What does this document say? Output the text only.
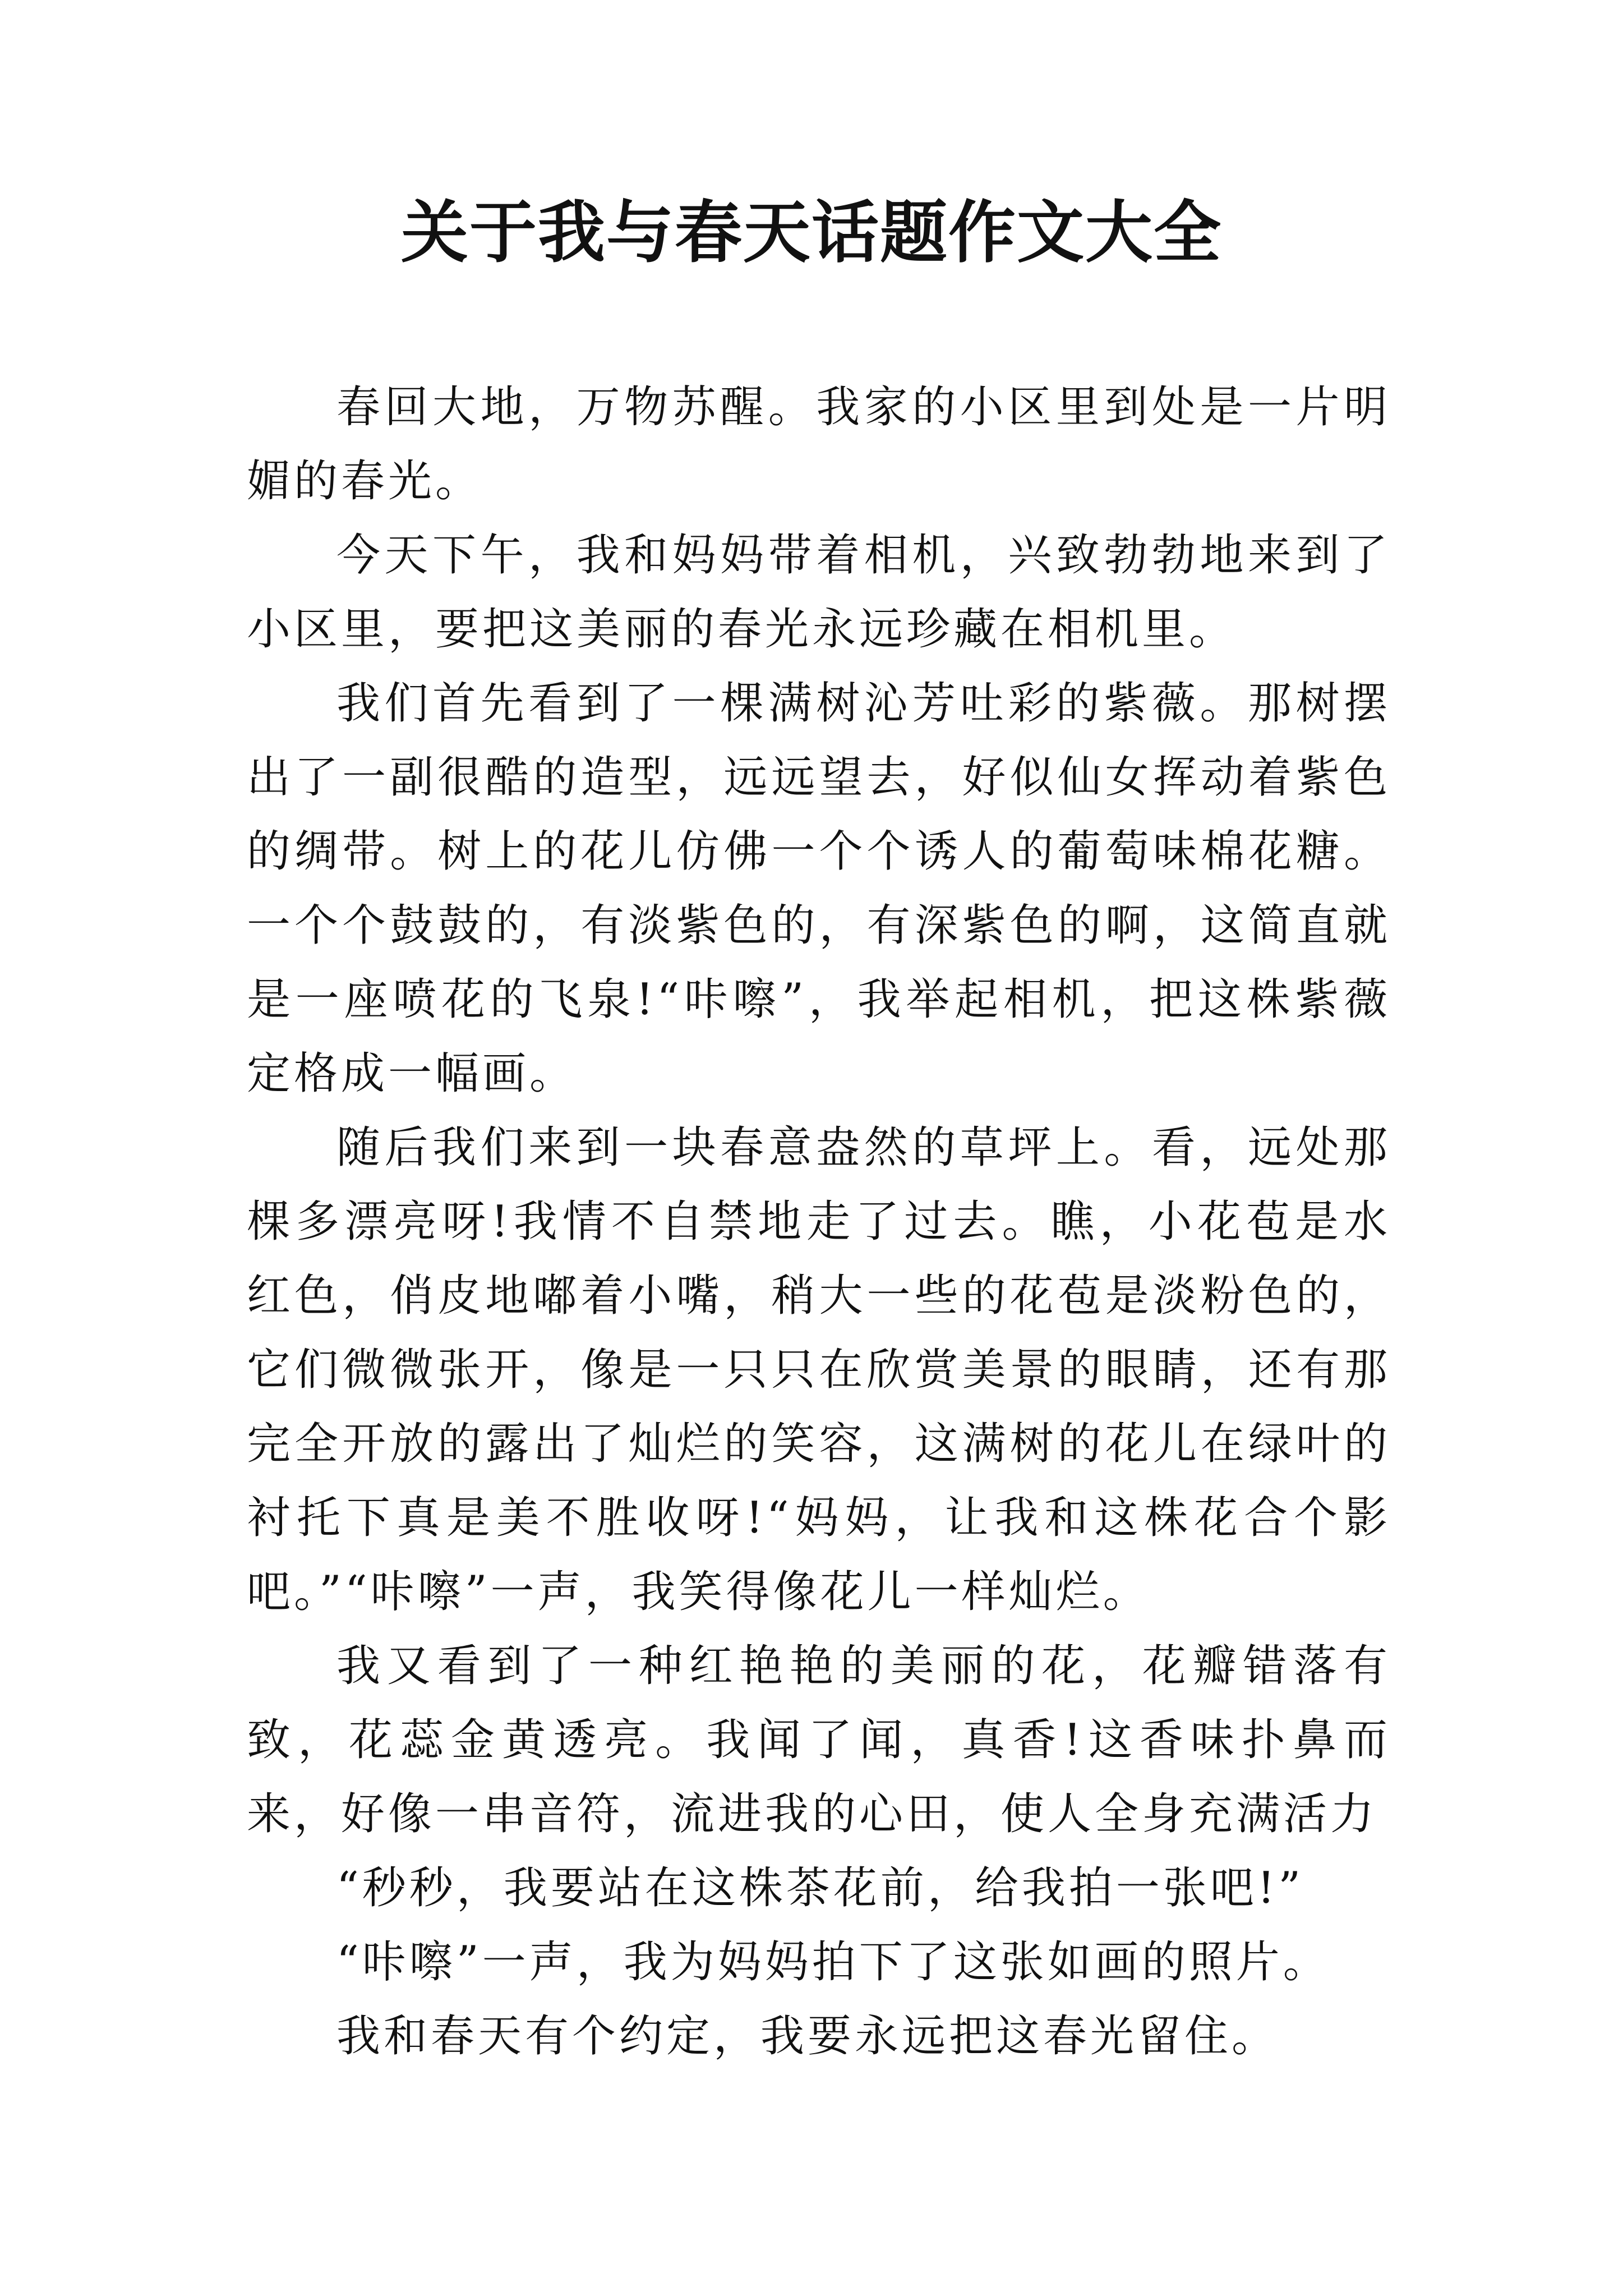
关于我与春天话题作文大全

春回大地，万物苏醒。我家的小区里到处是一片明媚的春光。

今天下午，我和妈妈带着相机，兴致勃勃地来到了小区里，要把这美丽的春光永远珍藏在相机里。

我们首先看到了一棵满树沁芳吐彩的紫薇。那树摆出了一副很酷的造型，远远望去，好似仙女挥动着紫色的绸带。树上的花儿仿佛一个个诱人的葡萄味棉花糖。一个个鼓鼓的，有淡紫色的，有深紫色的啊，这简直就是一座喷花的飞泉!“咔嚓”，我举起相机，把这株紫薇定格成一幅画。

随后我们来到一块春意盎然的草坪上。看，远处那棵多漂亮呀!我情不自禁地走了过去。瞧，小花苞是水红色，俏皮地嘟着小嘴，稍大一些的花苞是淡粉色的，它们微微张开，像是一只只在欣赏美景的眼睛，还有那完全开放的露出了灿烂的笑容，这满树的花儿在绿叶的衬托下真是美不胜收呀!“妈妈，让我和这株花合个影吧。”“咔嚓”一声，我笑得像花儿一样灿烂。

我又看到了一种红艳艳的美丽的花，花瓣错落有致，花蕊金黄透亮。我闻了闻，真香!这香味扑鼻而来，好像一串音符，流进我的心田，使人全身充满活力

“秒秒，我要站在这株茶花前，给我拍一张吧!”

“咔嚓”一声，我为妈妈拍下了这张如画的照片。

我和春天有个约定，我要永远把这春光留住。
